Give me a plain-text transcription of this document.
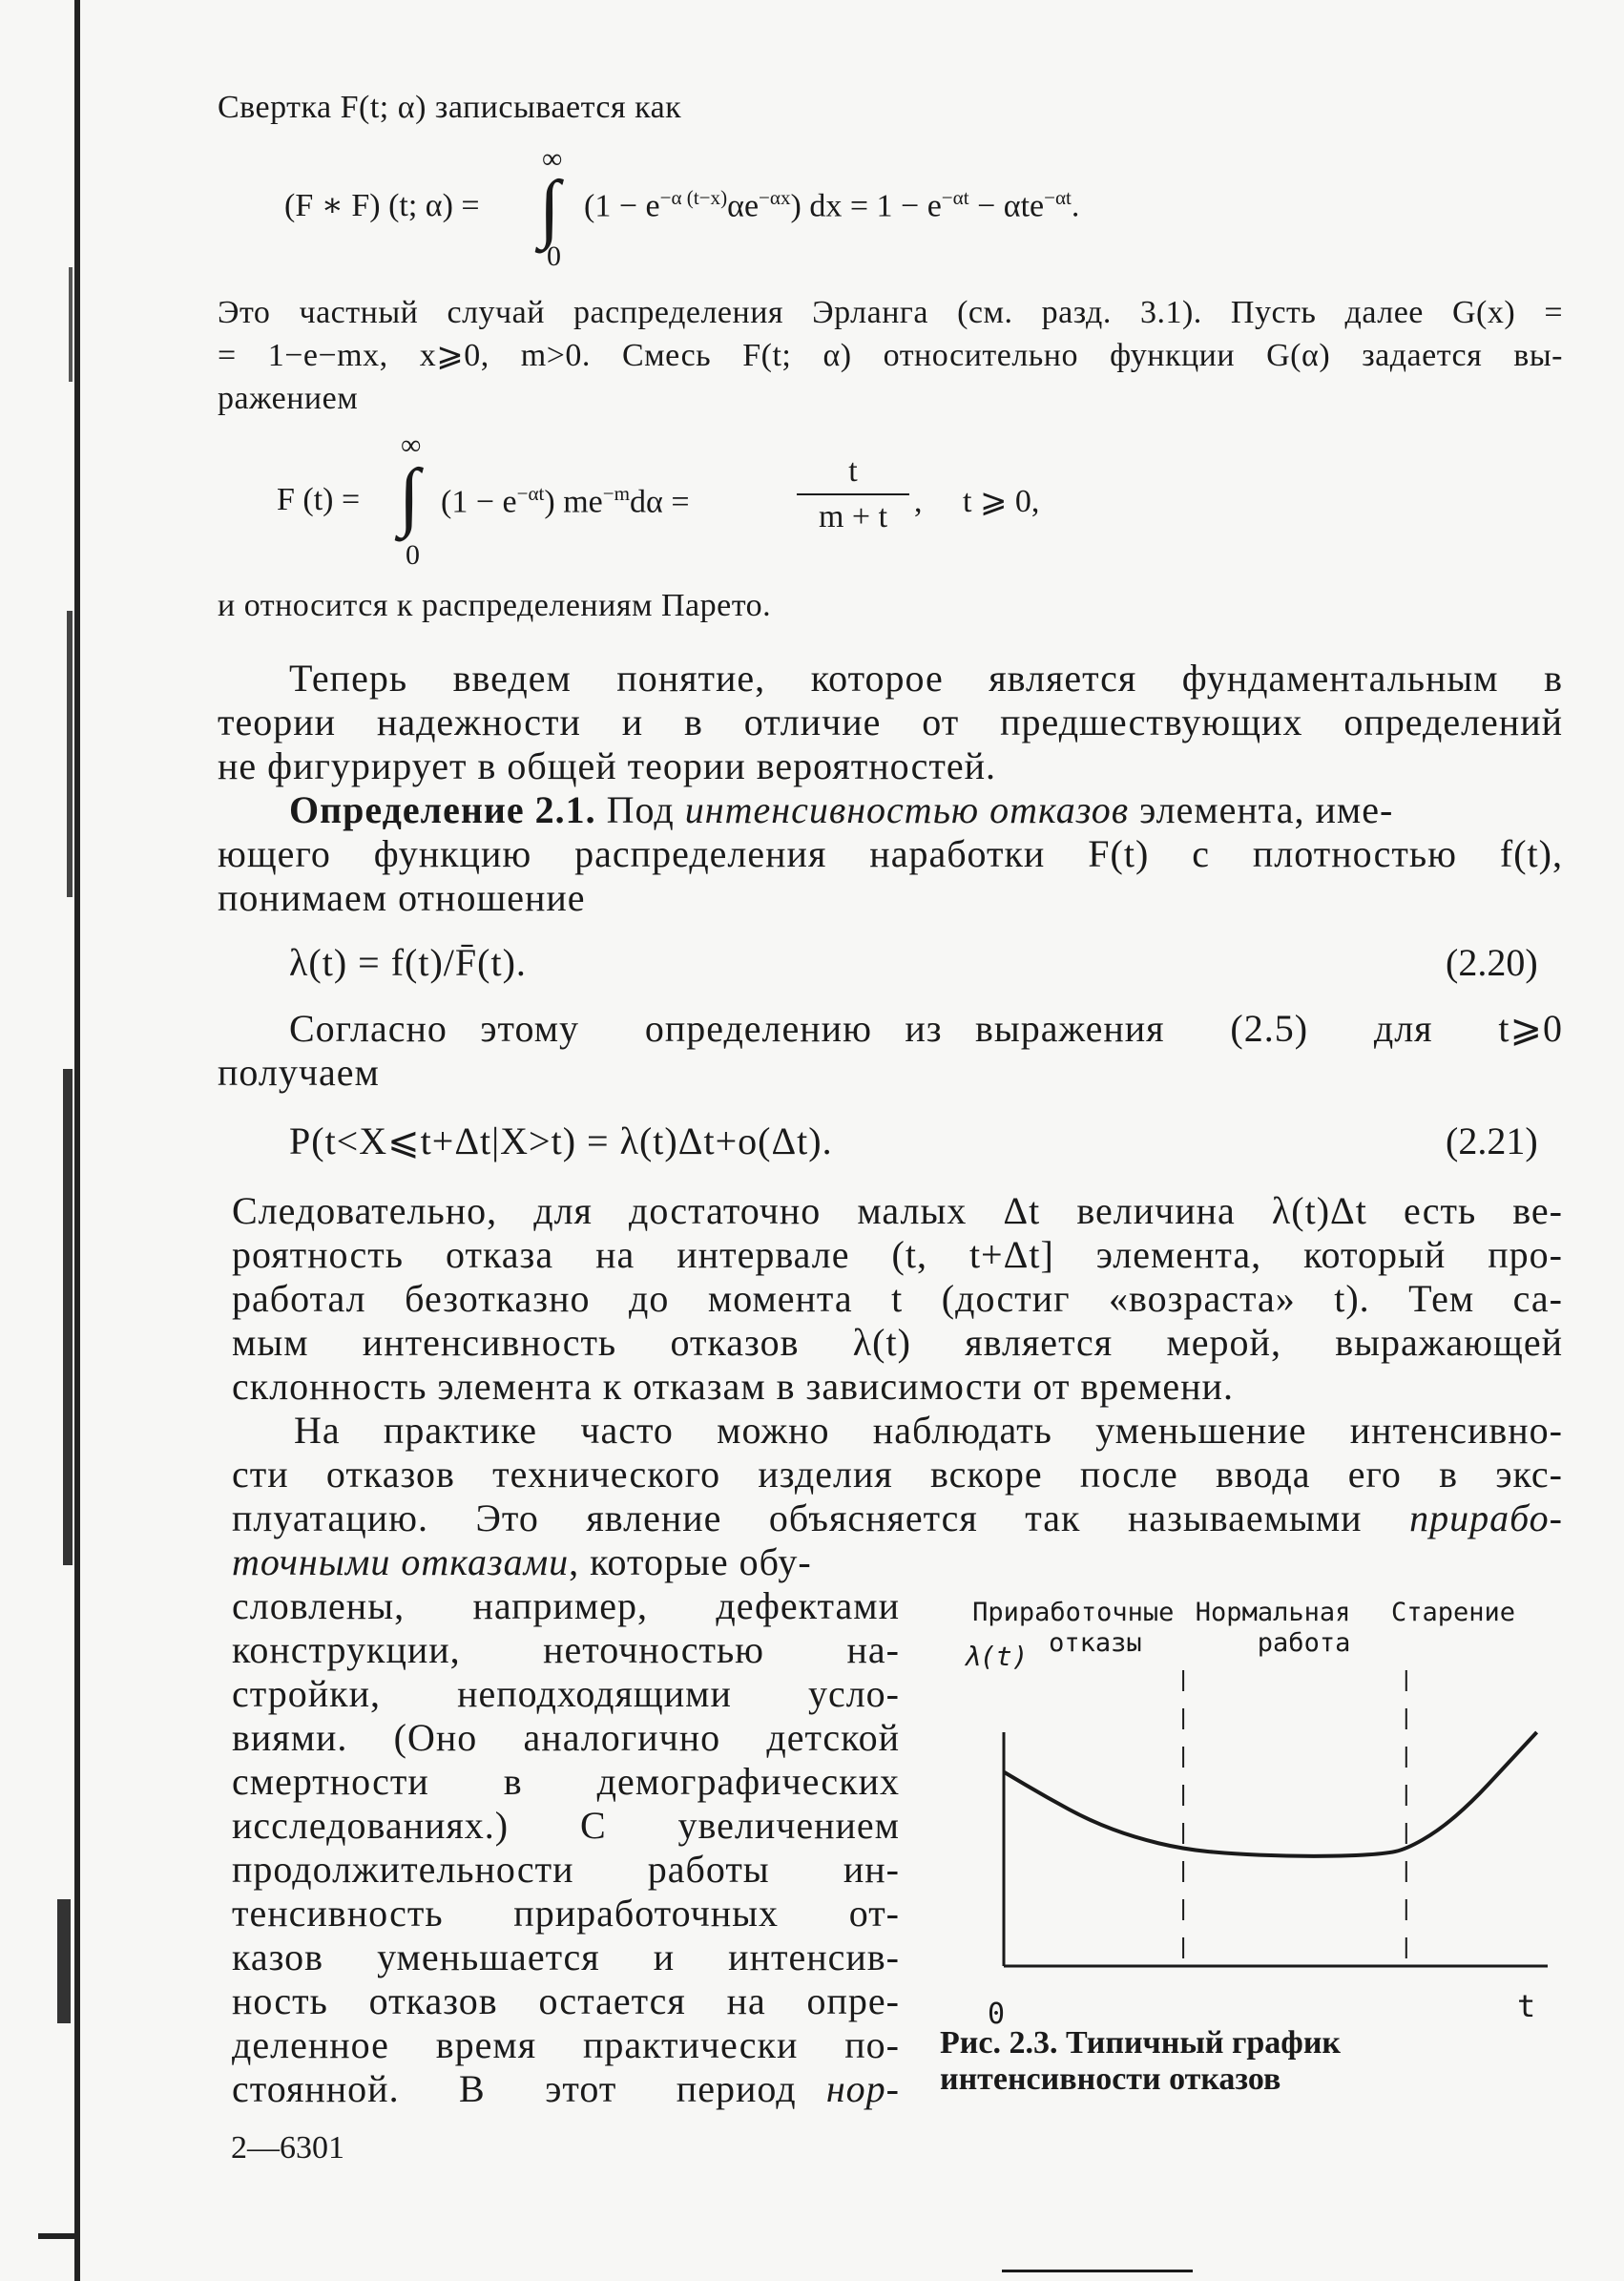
Свертка F(t; α) записывается как
(F ∗ F) (t; α) =
∞
∫
0
$(1 - e^{-\alpha (t-x)}\alpha e^{-\alpha x})$ dx = $1 - e^{-\alpha t} - \alpha te^{-\alpha t}$.
Это частный случай распределения Эрланга (см. разд. 3.1). Пусть далее G(x) =
= 1−e−mx, x⩾0, m>0. Смесь F(t; α) относительно функции G(α) задается вы-
ражением
F (t) =
∞
∫
0
$(1 - e^{-\alpha t})$ $me^{-m}d\alpha$ =
t
m + t ,     t ⩾ 0,
и относится к распределениям Парето.
Теперь введем понятие, которое является фундаментальным в
теории надежности и в отличие от предшествующих определений
не фигурирует в общей теории вероятностей.
Определение 2.1. Под интенсивностью отказов элемента, име-
ющего функцию распределения наработки F(t) с плотностью f(t),
понимаем отношение
λ(t) = f(t)/F̄(t).	(2.20)
Согласно этому  определению из выражения  (2.5)  для  t⩾0
получаем
P(t<X⩽t+Δt|X>t) = λ(t)Δt+o(Δt).	(2.21)
Следовательно, для достаточно малых Δt величина λ(t)Δt есть ве-
роятность отказа на интервале (t, t+Δt] элемента, который про-
работал безотказно до момента t (достиг «возраста» t). Тем са-
мым интенсивность отказов λ(t) является мерой, выражающей
склонность элемента к отказам в зависимости от времени.
На практике часто можно наблюдать уменьшение интенсивно-
сти отказов технического изделия вскоре после ввода его в экс-
плуатацию. Это явление объясняется так называемыми прирабо-
точными отказами, которые обу-
словлены, например, дефектами
конструкции, неточностью на-
стройки, неподходящими усло-
виями. (Оно аналогично детской
смертности в демографических
исследованиях.) С увеличением
продолжительности работы ин-
тенсивность приработочных от-
казов уменьшается и интенсив-
ность отказов остается на опре-
деленное время практически по-
стоянной.  В  этот  период нор-
Приработочные
отказы
Нормальная
работа
Старение
λ(t)
0	t
Рис. 2.3. Типичный график интенсивности отказов
2—6301
